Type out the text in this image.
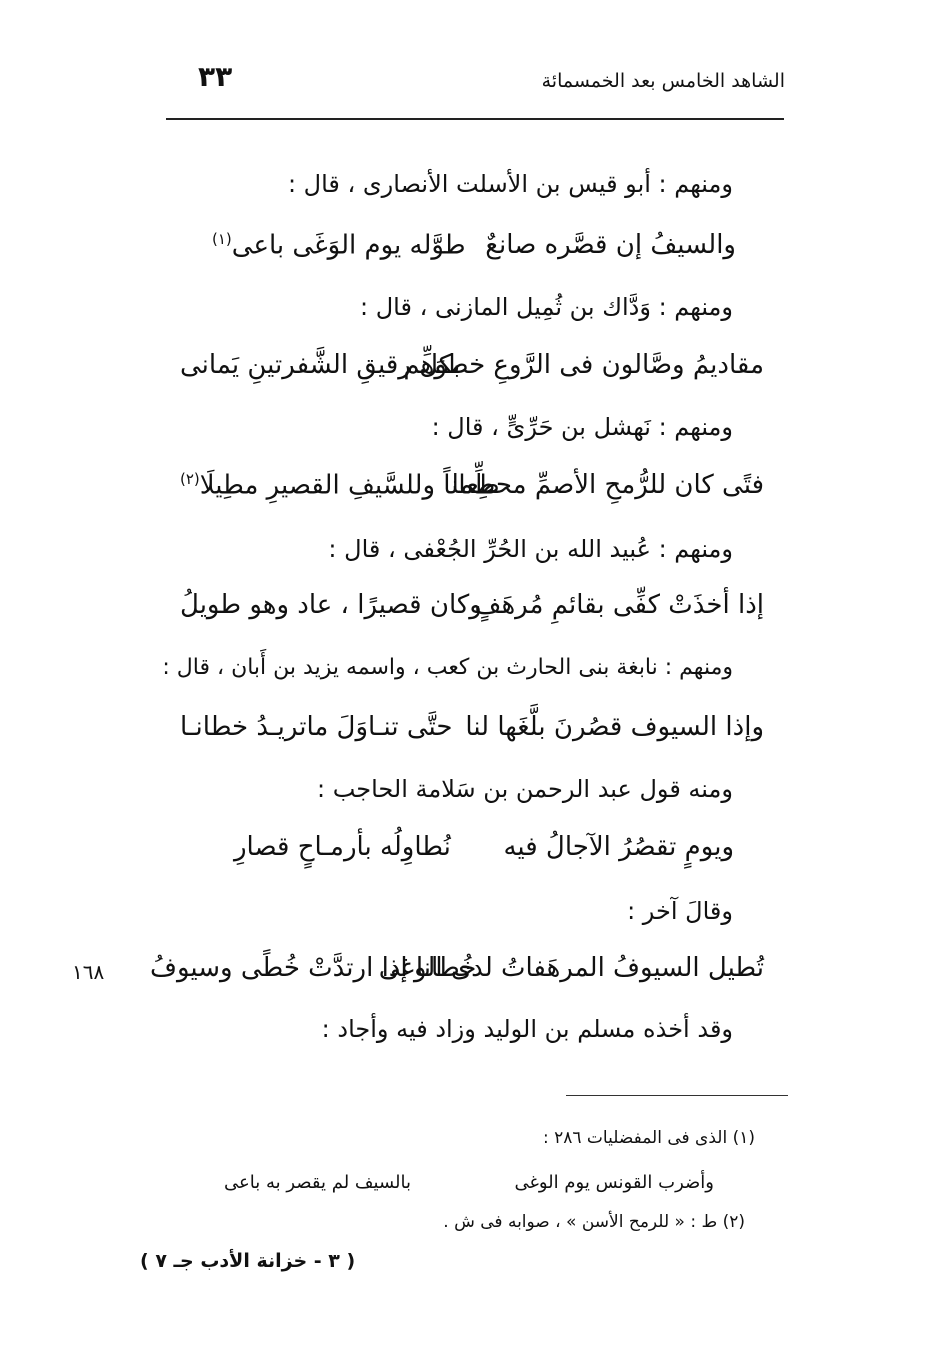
الشاهد الخامس بعد الخمسمائة
٣٣
ومنهم : أبو قيس بن الأسلت الأنصارى ، قال :
والسيفُ إن قصَّره صانعٌ
طوَّله يوم الوَغَى باعى$^{(١)}$
ومنهم : وَدَّاك بن ثُمِيل المازنى ، قال :
مقاديمُ وصَّالون فى الرَّوعِ خطوَهم
بكلِّ رقيقِ الشَّفرتينِ يَمانى
ومنهم : نَهشل بن حَرِّىٍّ ، قال :
فتًى كان للرُّمحِ الأصمِّ محطِّما
طِعاناً وللسَّيفِ القصيرِ مطِيلَا$^{(٢)}$
ومنهم : عُبيد الله بن الحُرِّ الجُعْفى ، قال :
إذا أخذَتْ كفِّى بقائمِ مُرهَفٍ
وكان قصيرًا ، عاد وهو طويلُ
ومنهم : نابغة بنى الحارث بن كعب ، واسمه يزيد بن أَبان ، قال :
وإذا السيوف قصُرنَ بلَّغَها لنا
حتَّى تنـاوَلَ ماتريـدُ خطانـا
ومنه قول عبد الرحمن بن سَلامة الحاجب :
ويومٍ تقصُرُ الآجالُ فيه
نُطاوِلُه بأرمـاحٍ قصارِ
وقالَ آخر :
تُطيل السيوفُ المرهَفاتُ لدى الوغى
خُطانا إذا ارتدَّتْ خُطًى وسيوفُ
١٦٨
وقد أخذه مسلم بن الوليد وزاد فيه وأجاد :
(١) الذى فى المفضليات ٢٨٦ :
وأضرب القونس يوم الوغى
بالسيف لم يقصر به باعى
(٢) ط : « للرمح الأسن » ، صوابه فى ش .
( ٣ - خزانة الأدب جـ ٧ )
